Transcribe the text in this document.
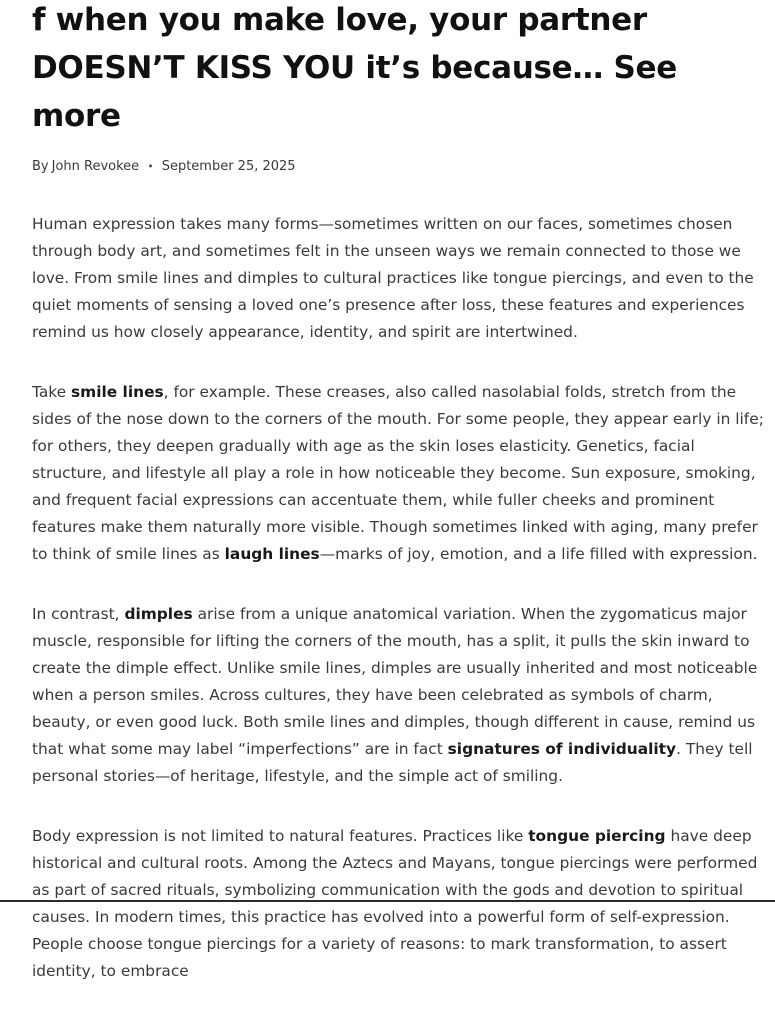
f when you make love, your partner DOESN’T KISS YOU it’s because… See more
By John Revokee • September 25, 2025

Human expression takes many forms—sometimes written on our faces, sometimes chosen through body art, and sometimes felt in the unseen ways we remain connected to those we love. From smile lines and dimples to cultural practices like tongue piercings, and even to the quiet moments of sensing a loved one’s presence after loss, these features and experiences remind us how closely appearance, identity, and spirit are intertwined.

Take smile lines, for example. These creases, also called nasolabial folds, stretch from the sides of the nose down to the corners of the mouth. For some people, they appear early in life; for others, they deepen gradually with age as the skin loses elasticity. Genetics, facial structure, and lifestyle all play a role in how noticeable they become. Sun exposure, smoking, and frequent facial expressions can accentuate them, while fuller cheeks and prominent features make them naturally more visible. Though sometimes linked with aging, many prefer to think of smile lines as laugh lines—marks of joy, emotion, and a life filled with expression.

In contrast, dimples arise from a unique anatomical variation. When the zygomaticus major muscle, responsible for lifting the corners of the mouth, has a split, it pulls the skin inward to create the dimple effect. Unlike smile lines, dimples are usually inherited and most noticeable when a person smiles. Across cultures, they have been celebrated as symbols of charm, beauty, or even good luck. Both smile lines and dimples, though different in cause, remind us that what some may label “imperfections” are in fact signatures of individuality. They tell personal stories—of heritage, lifestyle, and the simple act of smiling.

Body expression is not limited to natural features. Practices like tongue piercing have deep historical and cultural roots. Among the Aztecs and Mayans, tongue piercings were performed as part of sacred rituals, symbolizing communication with the gods and devotion to spiritual causes. In modern times, this practice has evolved into a powerful form of self-expression. People choose tongue piercings for a variety of reasons: to mark transformation, to assert identity, to embrace
